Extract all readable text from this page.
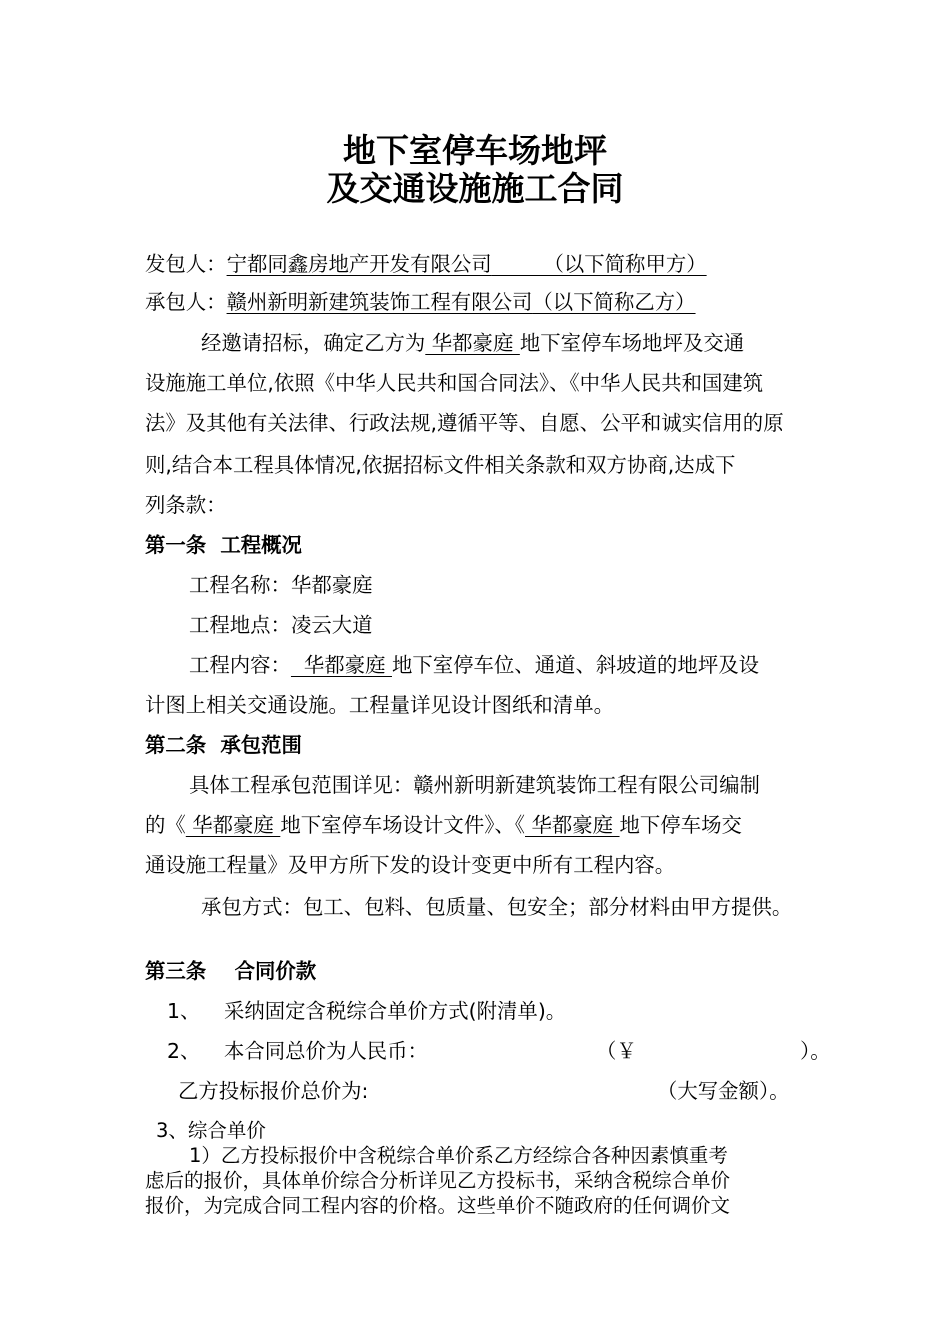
地下室停车场地坪
及交通设施施工合同
发包人：宁都同鑫房地产开发有限公司	（以下简称甲方）
承包人：赣州新明新建筑装饰工程有限公司（以下简称乙方）
经邀请招标，确定乙方为 华都豪庭 地下室停车场地坪及交通
设施施工单位,依照《中华人民共和国合同法》、《中华人民共和国建筑
法》及其他有关法律、行政法规,遵循平等、自愿、公平和诚实信用的原
则,结合本工程具体情况,依据招标文件相关条款和双方协商,达成下
列条款：
第一条  工程概况
工程名称：华都豪庭
工程地点：凌云大道
工程内容：  华都豪庭 地下室停车位、通道、斜坡道的地坪及设
计图上相关交通设施。工程量详见设计图纸和清单。
第二条  承包范围
具体工程承包范围详见：赣州新明新建筑装饰工程有限公司编制
的《 华都豪庭 地下室停车场设计文件》、《 华都豪庭 地下停车场交
通设施工程量》及甲方所下发的设计变更中所有工程内容。
承包方式：包工、包料、包质量、包安全；部分材料由甲方提供。
第三条    合同价款
1、 采纳固定含税综合单价方式(附清单)。
2、 本合同总价为人民币：	（￥	）。
乙方投标报价总价为:	（大写金额）。
3、综合单价
1）乙方投标报价中含税综合单价系乙方经综合各种因素慎重考
虑后的报价，具体单价综合分析详见乙方投标书，采纳含税综合单价
报价，为完成合同工程内容的价格。这些单价不随政府的任何调价文
